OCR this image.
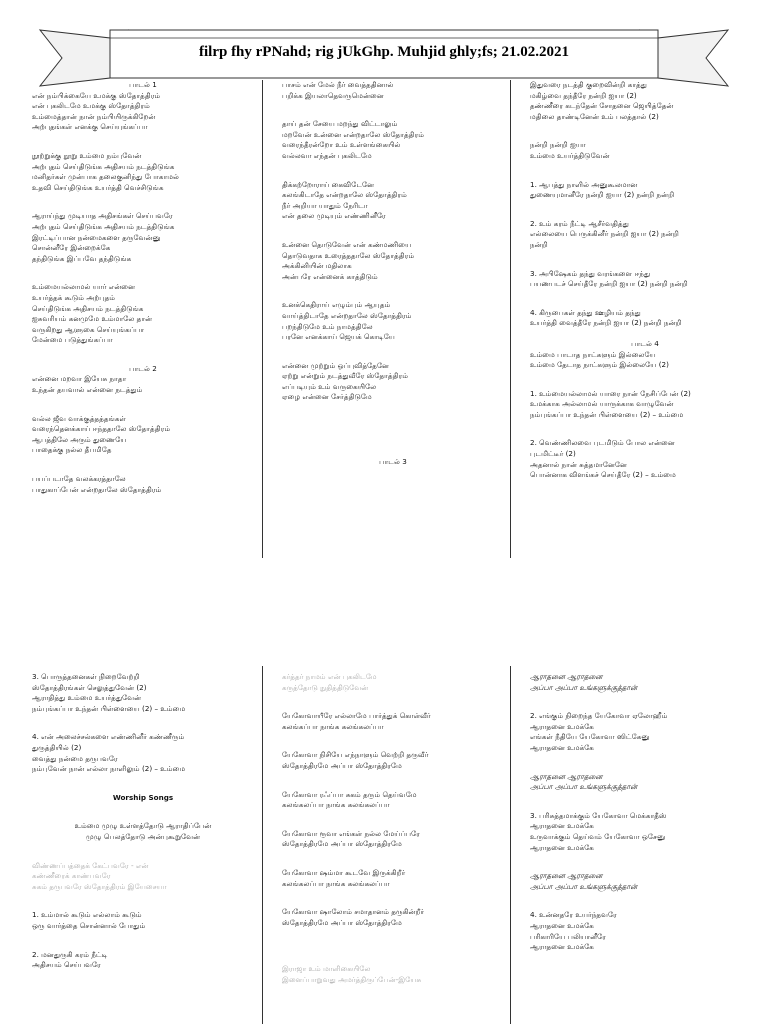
filrp fhy rPNahd; rig jUkGhp. Muhjid ghly;fs; 21.02.2021

பாடல் 1

என் நம்பிக்கையே உமக்கு ஸ்தோத்திரம்

என் புகலிடமே உமக்கு ஸ்தோத்திரம்

உம்மைத்தான் நான் நம்பியிருக்கிறேன்

அற்புதங்கள் எனக்கு செய்யுங்கப்பா

நூற்றுக்கு நூறு உம்மை நம்புவேன்

அற்புதம் செய்திடுங்க அதிசயம் நடத்திடுங்க

மனிதர்கள் முன்பாக தலைகுனிந்து போகாமல்

உதவி செய்திடுங்க உயர்த்தி வெச்சிடுங்க

ஆராய்ந்து முடியாத அதிசங்கள் செய்பவரே

அற்புதம் செய்திடுங்க அதிசயம் நடத்திடுங்க

இரட்டிப்பான நன்மைகளை தருவேன்னு

சொன்னீரே இன்றைக்கே

தந்திடுங்க இப்பவே தந்திடுங்க

உம்மையல்லாமல் யார் என்னை

உயர்த்தக் கூடும் அற்புதம்

செய்திடுங்க அதிசயம் நடத்திடுங்க

ஐசுவரியம் கனமுமே உம்மாலே தான்

வருகிறது ஆளுகை செய்யுங்கப்பா

மேன்மை படுத்துங்கப்பா

பாடல் 2

என்னை மறவா இயேசு நாதா

உந்தன் தயவால் என்னை நடத்தும்

வல்ல ஜீவ வாக்குத்தத்தங்கள்

வரைந்தெனக்காய் ஈந்ததாலே ஸ்தோத்திரம்

ஆபத்திலே அரும் துணையே

பாதைக்கு நல்ல தீபமிதே

பயப்படாதே வலக்கரத்தாலே

பாதுகாப்பேன் என்றதாலே ஸ்தோத்திரம்

பாசம் என் மேல் நீர் வைத்ததினால்

பறிக்க இயலாதெவருமென்னை

தாய் தன் சேயை மறந்து விட்டாலும்

மறவேன் உன்னை என்றதாலே ஸ்தோத்திரம்

வரைந்தீரன்றோ உம் உள்ளங்கையில்

வல்லவா எந்தன் புகலிடமே

திக்கற்றோராய் கைவிடேனே

கலங்கிடாதே என்றதாலே ஸ்தோத்திரம்

நீர் அறியா யாதும் நேரிடா

என் தலை முடியும் எண்ணினீரே

உன்னை தொடுவேன் என் கண்மணியை

தொடுவதாக உரைத்ததாலே ஸ்தோத்திரம்

அக்கினியின் மதிலாக

அன்பரே என்னைக் காத்திடும்

உனக்கெதிராய் எழும்பும் ஆயுதம்

வாய்த்திடாதே என்றதாலே ஸ்தோத்திரம்

பறந்திடுமே உம் நாமத்திலே

பரனே எனக்காய் ஜெயக் கொடியே

என்னை முற்றும் ஒப்புவித்தேனே

ஏற்று என்றும் நடத்துவீரே ஸ்தோத்திரம்

எப்படியும் உம் வருகையிலே

ஏழை என்னை சேர்த்திடுமே

பாடல் 3

இதுவரை நடத்தி குறைவின்றி காத்து

மகிழ்வை தந்தீரே நன்றி ஐயா (2)

தண்ணீரை கடந்தேன் சோதனை ஜெயித்தேன்

மதிலை தாண்டினேன் உம் பலத்தால் (2)

நன்றி நன்றி ஐயா

உம்மை உயர்த்திடுவேன்

1. ஆபத்து நாளில் அனுகூலமான

துணையுமானீரே நன்றி ஐயா (2) நன்றி நன்றி

2. உம் கரம் நீட்டி ஆசீர்வதித்து

எல்லையை பெருக்கினீர் நன்றி ஐயா (2) நன்றி

நன்றி

3. அபிஷேகம் தந்து வரங்களை ஈந்து

பயணபடச் செய்தீரே நன்றி ஐயா (2) நன்றி நன்றி

4. கிருபைகள் தந்து ஊழியம் தந்து

உயர்த்தி வைத்தீரே நன்றி ஐயா (2) நன்றி நன்றி

பாடல் 4

உம்மை பாடாத நாட்களும் இல்லையே

உம்மை தேடாத நாட்களும் இல்லையே (2)

1. உம்மையல்லாமல் யாரை நான் நேசிப்பேன் (2)

உமக்காக அல்லாமல் யாருக்காக வாழுவேன்

நம்புங்கப்பா உந்தன் பிள்ளையை (2) – உம்மை

2. வெண்ணிலவை புடமிடும் போல என்னை

புடமிட்டீர் (2)

அதனால் நான் சுத்தமானேனே

பொன்னாக விளங்கச் செய்தீரே (2) – உம்மை

3. பொருத்தனைகள் நிறைவேற்றி

ஸ்தோத்திரங்கள் செலுத்துவேன் (2)

ஆராதித்து உம்மை உயர்த்துவேன்

நம்புங்கப்பா உந்தன் பிள்ளையை (2) – உம்மை

4. என் அலைச்சல்களை எண்ணினீர் கண்ணீரும்

துருத்தியில் (2)

வைத்து நன்மை தருபவரே

நம்புவேன் நான் எல்லா நாளிலும் (2) – உம்மை

Worship Songs

உம்மை முழு உள்ளத்தோடு ஆராதிப்பேன்

முழு பெலத்தோடு அன்புகூறுவேன்

விண்ணப்பத்தைக் கேட்பவரே - என்

கண்ணீரைக் காண்பவரே

சுகம் தருபவரே ஸ்தோத்திரம் இயேசையா

1. உம்மால் கூடும் எல்லாம் கூடும்

ஒரு வார்த்தை சொன்னால் போதும்

2. மனதுருகி கரம் நீட்டி

அதிசயம் செய்பவரே

கர்த்தர் நாமம் என் புகலிடமே

கருத்தோடு நுதித்திடுவேன்

யேகோவாயீரே எல்லாமே பார்த்துக் கொள்வீர்

கலங்கப்பா நாங்க கலங்கலப்பா

யேகோவா நிசியே எந்நாளும் வெற்றி தருவீர்

ஸ்தோத்திரமே அப்பா ஸ்தோத்திரமே

யேகோவா ரஃப்பா சுகம் தரும் தெய்வமே

கலங்கலப்பா நாங்க கலங்கலப்பா

யேகோவா ரூவா எங்கள் நல்ல மேய்ப்பரே

ஸ்தோத்திரமே அப்பா ஸ்தோத்திரமே

யேகோவா ஷம்மா கூடவே இருக்கிறீர்

கலங்கலப்பா நாங்க கலங்கலப்பா

யேகோவா ஷாலோம் சமாதானம் தருகின்றீர்

ஸ்தோத்திரமே அப்பா ஸ்தோத்திரமே

இராஜா உம் மாளிகையிலே

இளைப்பாறுவது அமர்த்திருப்பேன்-இயேசு

ஆராதனை ஆராதனை

அப்பா அப்பா உங்களுக்குத்தான்

2. எங்கும் நிறைந்த யேகோவா ஏலோஹீம்

ஆராதனை உமக்கே

எங்கள் நீதியே யேகோவா ஸிட்கேனு

ஆராதனை உமக்கே

ஆராதனை ஆராதனை

அப்பா அப்பா உங்களுக்குத்தான்

3. பரிசுத்தமாக்கும் யேகோவா மெக்காதீஸ்

ஆராதனை உமக்கே

உருவாக்கும் தெய்வம் யேகோவா ஒசேனு

ஆராதனை உமக்கே

ஆராதனை ஆராதனை

அப்பா அப்பா உங்களுக்குத்தான்

4. உன்னதரே உயர்ந்தவரே

ஆராதனை உமக்கே

பரிகாரியே பலியானீரே

ஆராதனை உமக்கே
